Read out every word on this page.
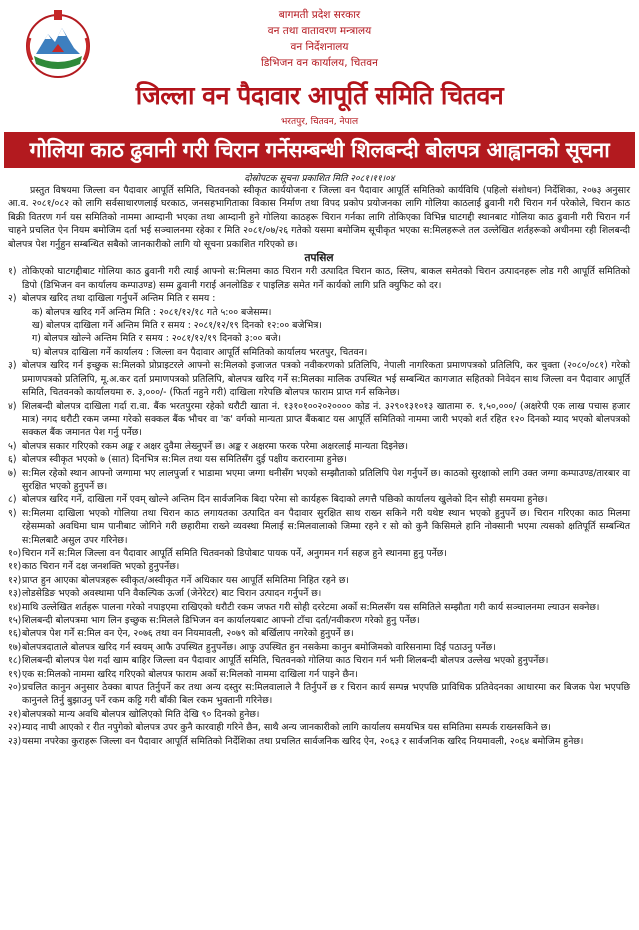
बागमती प्रदेश सरकार
वन तथा वातावरण मन्त्रालय
वन निर्देशनालय
डिभिजन वन कार्यालय, चितवन
जिल्ला वन पैदावार आपूर्ति समिति चितवन
भरतपुर, चितवन, नेपाल
गोलिया काठ ढुवानी गरी चिरान गर्नेसम्बन्धी शिलबन्दी बोलपत्र आह्वानको सूचना
दोस्रोपटक सूचना प्रकाशित मिति २०८१।११।०४

प्रस्तुत विषयमा जिल्ला वन पैदावार आपूर्ति समिति, चितवनको स्वीकृत कार्ययोजना र जिल्ला वन पैदावार आपूर्ति समितिको कार्यविधि (पहिलो संशोधन) निर्देशिका, २०७३ अनुसार आ.व. २०८१/०८२ को लागि सर्वसाधारणलाई घरकाठ, जनसहभागिताका विकास निर्माण तथा विपद प्रकोप प्रयोजनका लागि गोलिया काठलाई ढुवानी गरी चिरान गर्न परेकोले, चिरान काठ बिक्री वितरण गर्न यस समितिको नाममा आम्दानी भएका तथा आम्दानी हुने गोलिया काठहरू चिरान गर्नका लागि तोकिएका विभिन्न घाटगद्दी स्थानबाट गोलिया काठ ढुवानी गरी चिरान गर्न चाहने प्रचलित ऐन नियम बमोजिम दर्ता भई सञ्चालनमा रहेका र मिति २०८१/०७/२६ गतेको यसमा बमोजिम सूचीकृत भएका स:मिलहरूले तल उल्लेखित शर्तहरूको अधीनमा रही शिलबन्दी बोलपत्र पेश गर्नुहुन सम्बन्धित सबैको जानकारीको लागि यो सूचना प्रकाशित गरिएको छ।

तपसिल
१) तोकिएको घाटगद्दीबाट गोलिया काठ ढुवानी गरी त्याई आफ्नो स:मिलमा काठ चिरान गरी उत्पादित चिरान काठ, स्लिप, बाकल समेतको चिरान उत्पादनहरू लोड गरी आपूर्ति समितिको डिपो (डिभिजन वन कार्यालय कम्पाउण्ड) सम्म ढुवानी गराई अनलोडिङ र पाइलिङ समेत गर्ने कार्यको लागि प्रति क्युफिट को दर।
२) बोलपत्र खरिद तथा दाखिला गर्नुपर्ने अन्तिम मिति र समय :
क) बोलपत्र खरिद गर्ने अन्तिम मिति : २०८१/१२/१८ गते ५:०० बजेसम्म।
ख) बोलपत्र दाखिला गर्ने अन्तिम मिति र समय : २०८१/१२/१९ दिनको १२:०० बजेभित्र।
ग) बोलपत्र खोल्ने अन्तिम मिति र समय : २०८१/१२/१९ दिनको ३:०० बजे।
घ) बोलपत्र दाखिला गर्ने कार्यालय : जिल्ला वन पैदावार आपूर्ति समितिको कार्यालय भरतपुर, चितवन।
३) बोलपत्र खरिद गर्न इच्छुक स:मिलको प्रोप्राइटरले आफ्नो स:मिलको इजाजत पत्रको नवीकरणको प्रतिलिपि, नेपाली नागरिकता प्रमाणपत्रको प्रतिलिपि, कर चुक्ता (२०८०/०८१) गरेको प्रमाणपत्रको प्रतिलिपि, मू.अ.कर दर्ता प्रमाणपत्रको प्रतिलिपि, बोलपत्र खरिद गर्ने स:मिलका मालिक उपस्थित भई सम्बन्धित कागजात सहितको निवेदन साथ जिल्ला वन पैदावार आपूर्ति समिति, चितवनको कार्यालयमा रु. ३,०००/- (फिर्ता नहुने गरी) दाखिला गरेपछि बोलपत्र फाराम प्राप्त गर्न सकिनेछ।
४) शिलबन्दी बोलपत्र दाखिला गर्दा रा.वा. बैंक भरतपुरमा रहेको धरौटी खाता नं. १३१०१००२०२०००० कोड नं. ३२९०१३१०१३ खातामा रु. १,५०,०००/ (अक्षरेपी एक लाख पचास हजार मात्र) नगद धरौटी रकम जम्मा गरेको सक्कल बैंक भौचर वा 'क' वर्गको मान्यता प्राप्त बैंकबाट यस आपूर्ति समितिको नाममा जारी भएको शर्त रहित १२० दिनको म्याद भएको बोलपत्रको सक्कल बैंक जमानत पेश गर्नु पर्नेछ।
५) बोलपत्र सकार गरिएको रकम अङ्क र अक्षर दुवैमा लेख्नुपर्ने छ। अङ्क र अक्षरमा फरक परेमा अक्षरलाई मान्यता दिइनेछ।
६) बोलपत्र स्वीकृत भएको ७ (सात) दिनभित्र स:मिल तथा यस समितिसँग दुई पक्षीय करारनामा हुनेछ।
७) स:मिल रहेको स्थान आफ्नो जग्गामा भए लालपुर्जा र भाडामा भएमा जग्गा धनीसँग भएको सम्झौताको प्रतिलिपि पेश गर्नुपर्ने छ। काठको सुरक्षाको लागि उक्त जग्गा कम्पाउण्ड/तारबार वा सुरक्षित भएको हुनुपर्ने छ।
८) बोलपत्र खरिद गर्ने, दाखिला गर्ने एवम् खोल्ने अन्तिम दिन सार्वजनिक बिदा परेमा सो कार्यहरू बिदाको लगत्तै पछिको कार्यालय खुलेको दिन सोही समयमा हुनेछ।
९) स:मिलमा दाखिला भएको गोलिया तथा चिरान काठ लगायतका उत्पादित वन पैदावार सुरक्षित साथ राख्न सकिने गरी यथेष्ट स्थान भएको हुनुपर्ने छ। चिरान गरिएका काठ मिलमा रहेसम्मको अवधिमा घाम पानीबाट जोगिने गरी छहारीमा राख्ने व्यवस्था मिलाई स:मिलवालाको जिम्मा रहने र सो को कुनै किसिमले हानि नोक्सानी भएमा त्यसको क्षतिपूर्ति सम्बन्धित स:मिलबाटै असुल उपर गरिनेछ।
१०) चिरान गर्ने स:मिल जिल्ला वन पैदावार आपूर्ति समिति चितवनको डिपोबाट पायक पर्ने, अनुगमन गर्न सहज हुने स्थानमा हुनु पर्नेछ।
११) काठ चिरान गर्ने दक्ष जनशक्ति भएको हुनुपर्नेछ।
१२) प्राप्त हुन आएका बोलपत्रहरू स्वीकृत/अस्वीकृत गर्ने अधिकार यस आपूर्ति समितिमा निहित रहने छ।
१३) लोडसेडिङ भएको अवस्थामा पनि वैकल्पिक ऊर्जा (जेनेरेटर) बाट चिरान उत्पादन गर्नुपर्ने छ।
१४) माथि उल्लेखित शर्तहरू पालना गरेको नपाइएमा राखिएको धरौटी रकम जफत गरी सोही दररेटमा अर्को स:मिलसँग यस समितिले सम्झौता गरी कार्य सञ्चालनमा ल्याउन सक्नेछ।
१५) शिलबन्दी बोलपत्रमा भाग लिन इच्छुक स:मिलले डिभिजन वन कार्यालयबाट आफ्नो टाँचा दर्ता/नवीकरण गरेको हुनु पर्नेछ।
१६) बोलपत्र पेश गर्ने स:मिल वन ऐन, २०७६ तथा वन नियमावली, २०७९ को बर्खिलाप नगरेको हुनुपर्ने छ।
१७) बोलपत्रदाताले बोलपत्र खरिद गर्न स्वयम् आफै उपस्थित हुनुपर्नेछ। आफु उपस्थित हुन नसकेमा कानुन बमोजिमको वारिसनामा दिई पठाउनु पर्नेछ।
१८) शिलबन्दी बोलपत्र पेश गर्दा खाम बाहिर जिल्ला वन पैदावार आपूर्ति समिति, चितवनको गोलिया काठ चिरान गर्न भनी शिलबन्दी बोलपत्र उल्लेख भएको हुनुपर्नेछ।
१९) एक स:मिलको नाममा खरिद गरिएको बोलपत्र फाराम अर्को स:मिलको नाममा दाखिला गर्न पाइने छैन।
२०) प्रचलित कानुन अनुसार ठेक्का बापत तिर्नुपर्ने कर तथा अन्य दस्तुर स:मिलवालाले नै तिर्नुपर्ने छ र चिरान कार्य सम्पन्न भएपछि प्राविधिक प्रतिवेदनका आधारमा कर बिजक पेश भएपछि कानुनले तिर्नु बुझाउनु पर्ने रकम कट्टि गरी बाँकी बिल रकम भुक्तानी गरिनेछ।
२१) बोलपत्रको मान्य अवधि बोलपत्र खोलिएको मिति देखि ९० दिनको हुनेछ।
२२) म्याद नाघी आएको र रीत नपुगेको बोलपत्र उपर कुनै कारवाही गरिने छैन, साथै अन्य जानकारीको लागि कार्यालय समयभित्र यस समितिमा सम्पर्क राख्नसकिने छ।
२३) यसमा नपरेका कुराहरू जिल्ला वन पैदावार आपूर्ति समितिको निर्देशिका तथा प्रचलित सार्वजनिक खरिद ऐन, २०६३ र सार्वजनिक खरिद नियमावली, २०६४ बमोजिम हुनेछ।
